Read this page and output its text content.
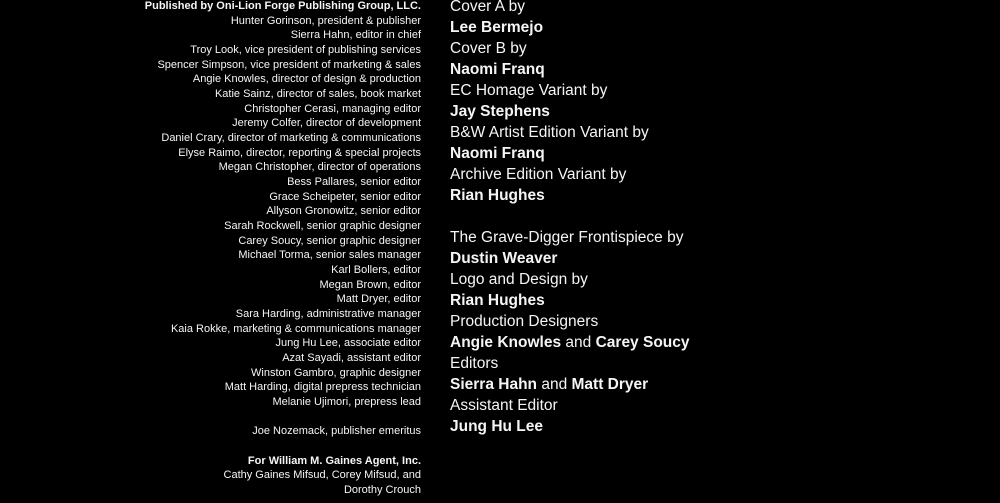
Published by Oni-Lion Forge Publishing Group, LLC.
Hunter Gorinson, president & publisher
Sierra Hahn, editor in chief
Troy Look, vice president of publishing services
Spencer Simpson, vice president of marketing & sales
Angie Knowles, director of design & production
Katie Sainz, director of sales, book market
Christopher Cerasi, managing editor
Jeremy Colfer, director of development
Daniel Crary, director of marketing & communications
Elyse Raimo, director, reporting & special projects
Megan Christopher, director of operations
Bess Pallares, senior editor
Grace Scheipeter, senior editor
Allyson Gronowitz, senior editor
Sarah Rockwell, senior graphic designer
Carey Soucy, senior graphic designer
Michael Torma, senior sales manager
Karl Bollers, editor
Megan Brown, editor
Matt Dryer, editor
Sara Harding, administrative manager
Kaia Rokke, marketing & communications manager
Jung Hu Lee, associate editor
Azat Sayadi, assistant editor
Winston Gambro, graphic designer
Matt Harding, digital prepress technician
Melanie Ujimori, prepress lead
Joe Nozemack, publisher emeritus
For William M. Gaines Agent, Inc.
Cathy Gaines Mifsud, Corey Mifsud, and
Dorothy Crouch
Cover A by
Lee Bermejo
Cover B by
Naomi Franq
EC Homage Variant by
Jay Stephens
B&W Artist Edition Variant by
Naomi Franq
Archive Edition Variant by
Rian Hughes
The Grave-Digger Frontispiece by
Dustin Weaver
Logo and Design by
Rian Hughes
Production Designers
Angie Knowles and Carey Soucy
Editors
Sierra Hahn and Matt Dryer
Assistant Editor
Jung Hu Lee
